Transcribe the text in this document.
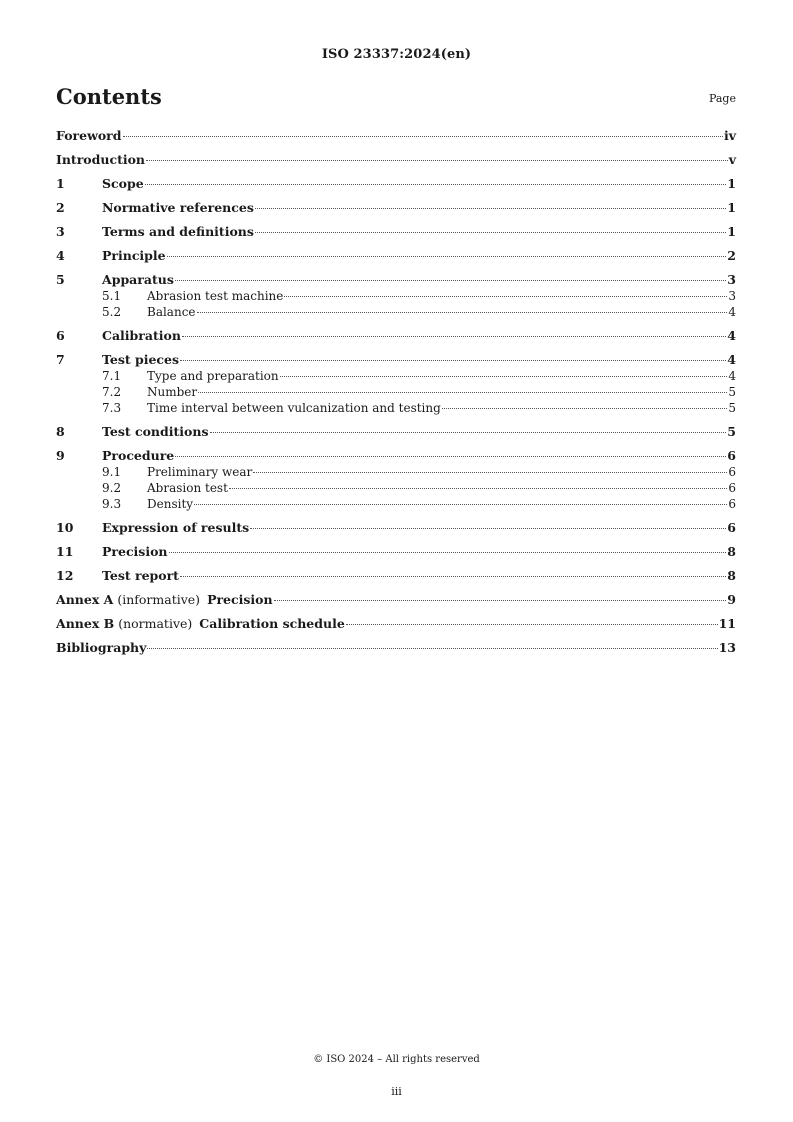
ISO 23337:2024(en)
Contents	Page
Foreword	iv
Introduction	v
1	Scope	1
2	Normative references	1
3	Terms and definitions	1
4	Principle	2
5	Apparatus	3
5.1	Abrasion test machine	3
5.2	Balance	4
6	Calibration	4
7	Test pieces	4
7.1	Type and preparation	4
7.2	Number	5
7.3	Time interval between vulcanization and testing	5
8	Test conditions	5
9	Procedure	6
9.1	Preliminary wear	6
9.2	Abrasion test	6
9.3	Density	6
10	Expression of results	6
11	Precision	8
12	Test report	8
Annex A (informative) Precision	9
Annex B (normative) Calibration schedule	11
Bibliography	13
© ISO 2024 – All rights reserved
iii
